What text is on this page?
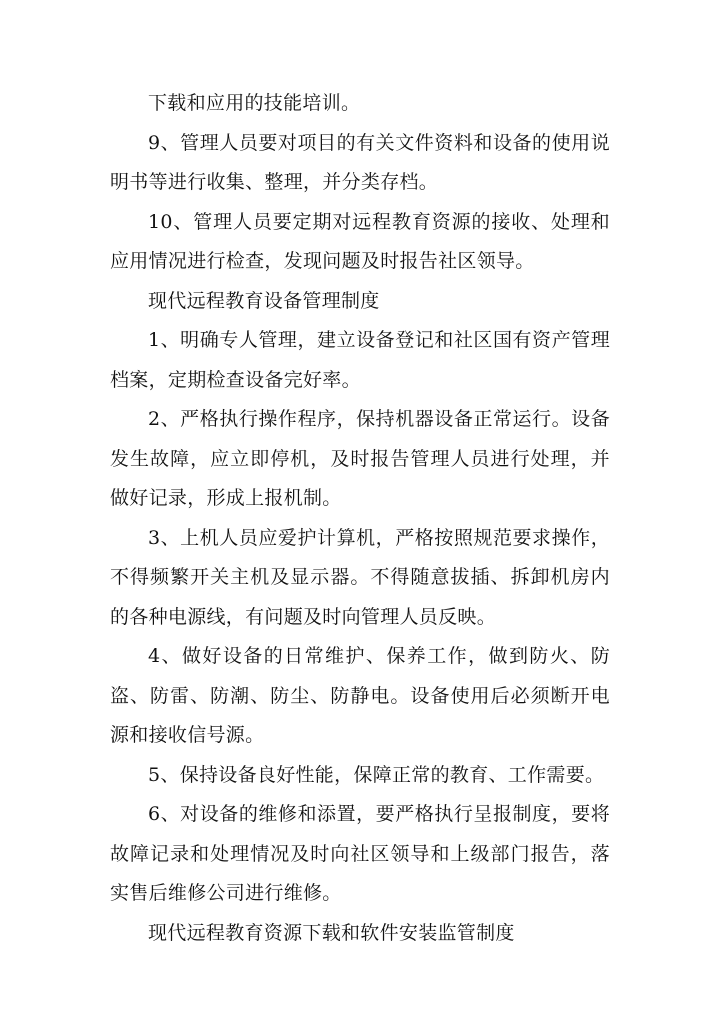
下载和应用的技能培训。

9、管理人员要对项目的有关文件资料和设备的使用说明书等进行收集、整理，并分类存档。

10、管理人员要定期对远程教育资源的接收、处理和应用情况进行检查，发现问题及时报告社区领导。

现代远程教育设备管理制度

1、明确专人管理，建立设备登记和社区国有资产管理档案，定期检查设备完好率。

2、严格执行操作程序，保持机器设备正常运行。设备发生故障，应立即停机，及时报告管理人员进行处理，并做好记录，形成上报机制。

3、上机人员应爱护计算机，严格按照规范要求操作，不得频繁开关主机及显示器。不得随意拔插、拆卸机房内的各种电源线，有问题及时向管理人员反映。

4、做好设备的日常维护、保养工作，做到防火、防盗、防雷、防潮、防尘、防静电。设备使用后必须断开电源和接收信号源。

5、保持设备良好性能，保障正常的教育、工作需要。

6、对设备的维修和添置，要严格执行呈报制度，要将故障记录和处理情况及时向社区领导和上级部门报告，落实售后维修公司进行维修。

现代远程教育资源下载和软件安装监管制度
